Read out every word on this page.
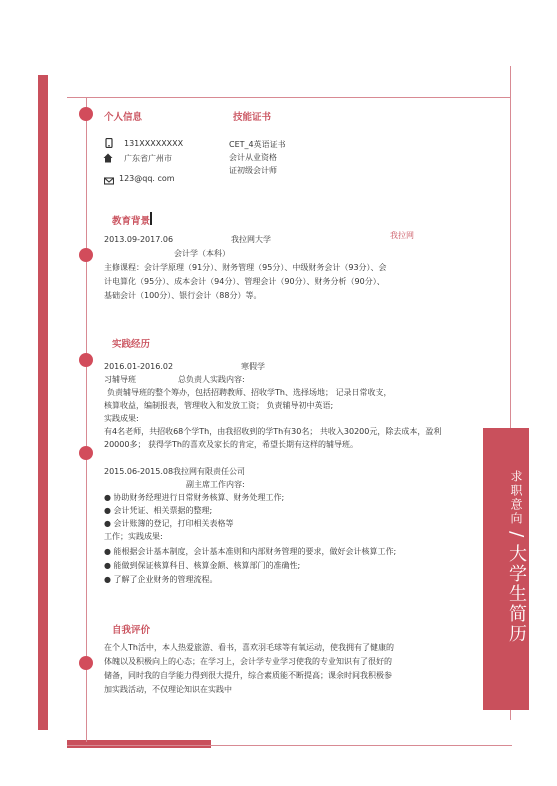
个人信息	技能证书
131XXXXXXXX
广东省广州市
123@qq. com
CET_4英语证书
会计从业资格
证初级会计师
教育背景
2013.09-2017.06	我拉网大学	我拉网
会计学（本科）
主修课程：会计学原理（91分）、财务管理（95分）、中级财务会计（93分）、会
计电算化（95分）、成本会计（94分）、管理会计（90分）、财务分析（90分）、
基础会计（100分）、银行会计（88分）等。
实践经历
2016.01-2016.02	寒假学
习辅导班	总负责人实践内容:
负责辅导班的整个筹办，包括招聘教师、招收学Th、选择场地； 记录日常收支，
核算收益，编制报表，管理收入和发放工资； 负责辅导初中英语;
实践成果:
有4名老师，共招收68个学Th，由我招收到的学Th有30名； 共收入30200元，除去成本，盈利
20000多； 获得学Th的喜欢及家长的肯定，希望长期有这样的辅导班。
2015.06-2015.08我拉网有限责任公司
副主席工作内容:
● 协助财务经理进行日常财务核算、财务处理工作;
● 会计凭证、相关票据的整理;
● 会计账簿的登记，打印相关表格等
工作；实践成果:
● 能根据会计基本制度，会计基本准则和内部财务管理的要求，做好会计核算工作;
● 能做到保证核算科目、核算金额、核算部门的准确性;
● 了解了企业财务的管理流程。
自我评价
在个人Th活中，本人热爱旅游、看书，喜欢羽毛球等有氧运动，使我拥有了健康的
体魄以及积极向上的心态；在学习上，会计学专业学习使我的专业知识有了很好的
储备，同时我的自学能力得到很大提升，综合素质能不断提高；课余时间我积极参
加实践活动，不仅理论知识在实践中
求职意向 / 大学生简历
